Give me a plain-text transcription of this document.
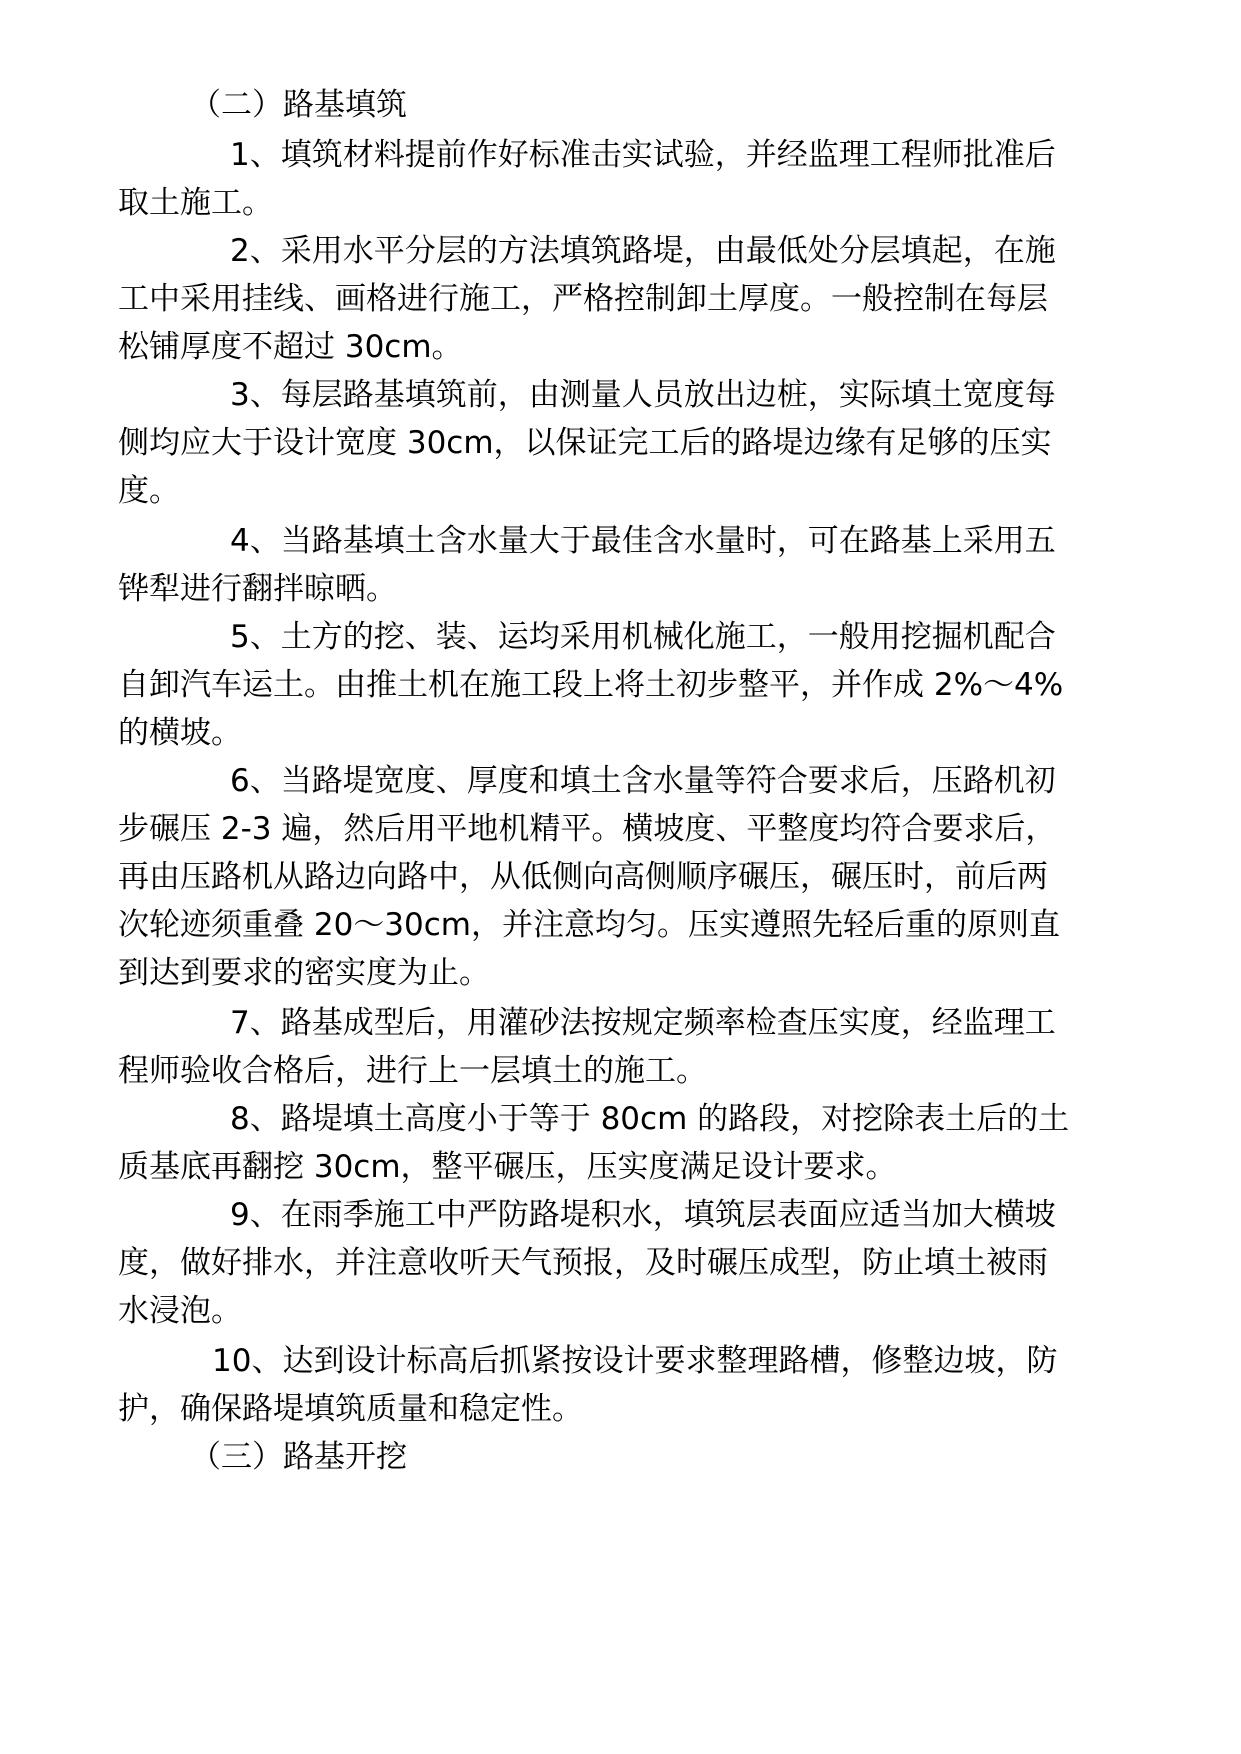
（二）路基填筑
1、填筑材料提前作好标准击实试验，并经监理工程师批准后
取土施工。
2、采用水平分层的方法填筑路堤，由最低处分层填起，在施
工中采用挂线、画格进行施工，严格控制卸土厚度。一般控制在每层
松铺厚度不超过 30cm。
3、每层路基填筑前，由测量人员放出边桩，实际填土宽度每
侧均应大于设计宽度 30cm，以保证完工后的路堤边缘有足够的压实
度。
4、当路基填土含水量大于最佳含水量时，可在路基上采用五
铧犁进行翻拌晾晒。
5、土方的挖、装、运均采用机械化施工，一般用挖掘机配合
自卸汽车运土。由推土机在施工段上将土初步整平，并作成 2%～4%
的横坡。
6、当路堤宽度、厚度和填土含水量等符合要求后，压路机初
步碾压 2-3 遍，然后用平地机精平。横坡度、平整度均符合要求后，
再由压路机从路边向路中，从低侧向高侧顺序碾压，碾压时，前后两
次轮迹须重叠 20～30cm，并注意均匀。压实遵照先轻后重的原则直
到达到要求的密实度为止。
7、路基成型后，用灌砂法按规定频率检查压实度，经监理工
程师验收合格后，进行上一层填土的施工。
8、路堤填土高度小于等于 80cm 的路段，对挖除表土后的土
质基底再翻挖 30cm，整平碾压，压实度满足设计要求。
9、在雨季施工中严防路堤积水，填筑层表面应适当加大横坡
度，做好排水，并注意收听天气预报，及时碾压成型，防止填土被雨
水浸泡。
10、达到设计标高后抓紧按设计要求整理路槽，修整边坡，防
护，确保路堤填筑质量和稳定性。
（三）路基开挖
